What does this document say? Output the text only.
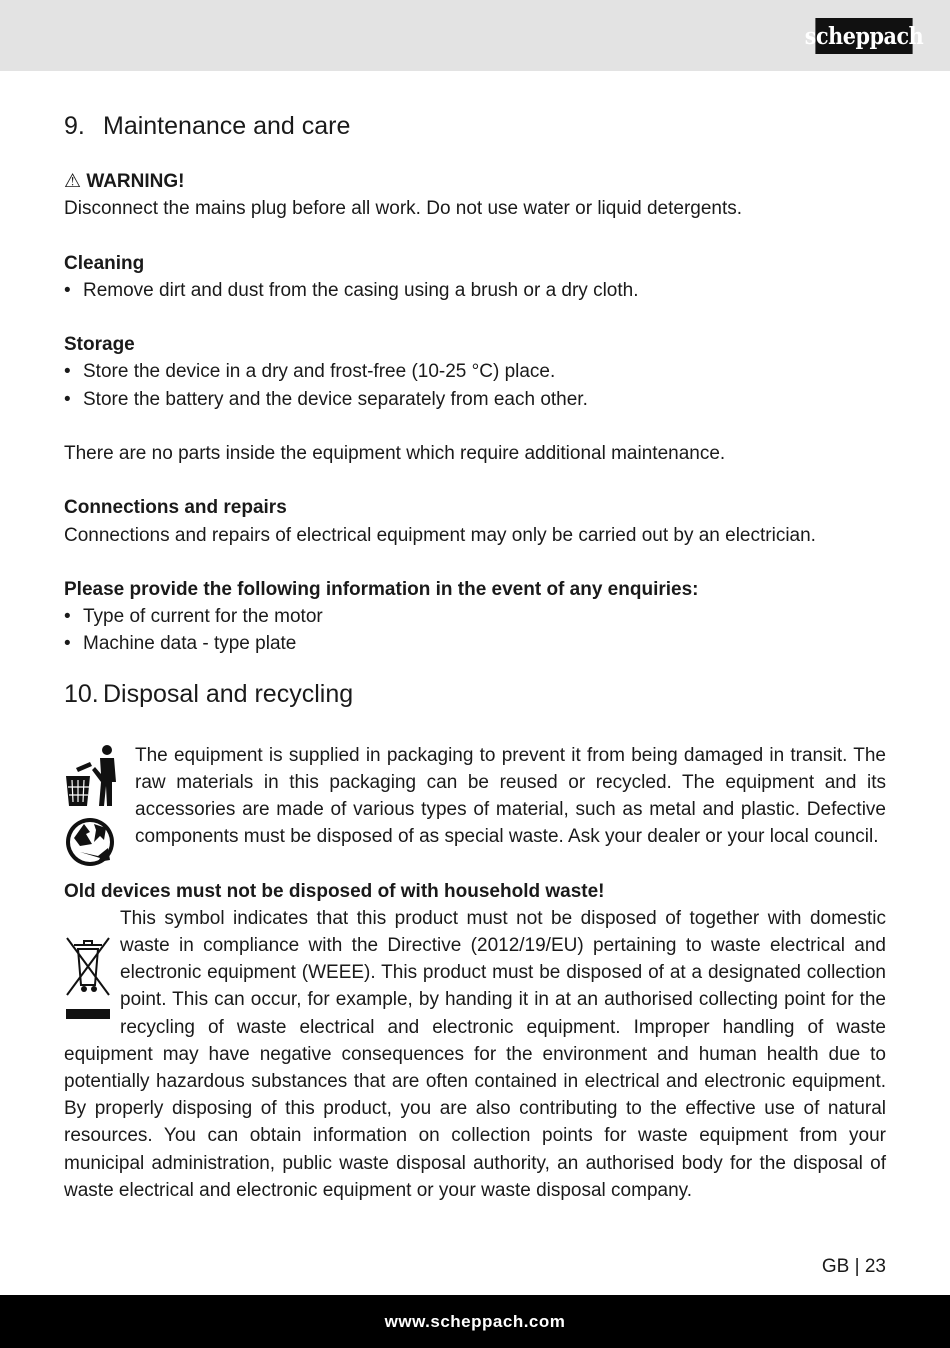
scheppach
9. Maintenance and care

⚠ WARNING!

Disconnect the mains plug before all work. Do not use water or liquid detergents.

Cleaning

• Remove dirt and dust from the casing using a brush or a dry cloth.

Storage

• Store the device in a dry and frost-free (10-25 °C) place.

• Store the battery and the device separately from each other.

There are no parts inside the equipment which require additional maintenance.

Connections and repairs

Connections and repairs of electrical equipment may only be carried out by an electrician.

Please provide the following information in the event of any enquiries:

• Type of current for the motor

• Machine data - type plate

10. Disposal and recycling

The equipment is supplied in packaging to prevent it from being damaged in transit. The raw materials in this packaging can be reused or recycled. The equipment and its accessories are made of various types of material, such as metal and plastic. Defective components must be disposed of as special waste. Ask your dealer or your local council.

Old devices must not be disposed of with household waste!

This symbol indicates that this product must not be disposed of together with domestic waste in compliance with the Directive (2012/19/EU) pertaining to waste electrical and electronic equipment (WEEE). This product must be disposed of at a designated collection point. This can occur, for example, by handing it in at an authorised collecting point for the recycling of waste electrical and electronic equipment. Improper handling of waste equipment may have negative consequences for the environment and human health due to potentially hazardous substances that are often contained in electrical and electronic equipment. By properly disposing of this product, you are also contributing to the effective use of natural resources. You can obtain information on collection points for waste equipment from your municipal administration, public waste disposal authority, an authorised body for the disposal of waste electrical and electronic equipment or your waste disposal company.

GB | 23
www.scheppach.com
